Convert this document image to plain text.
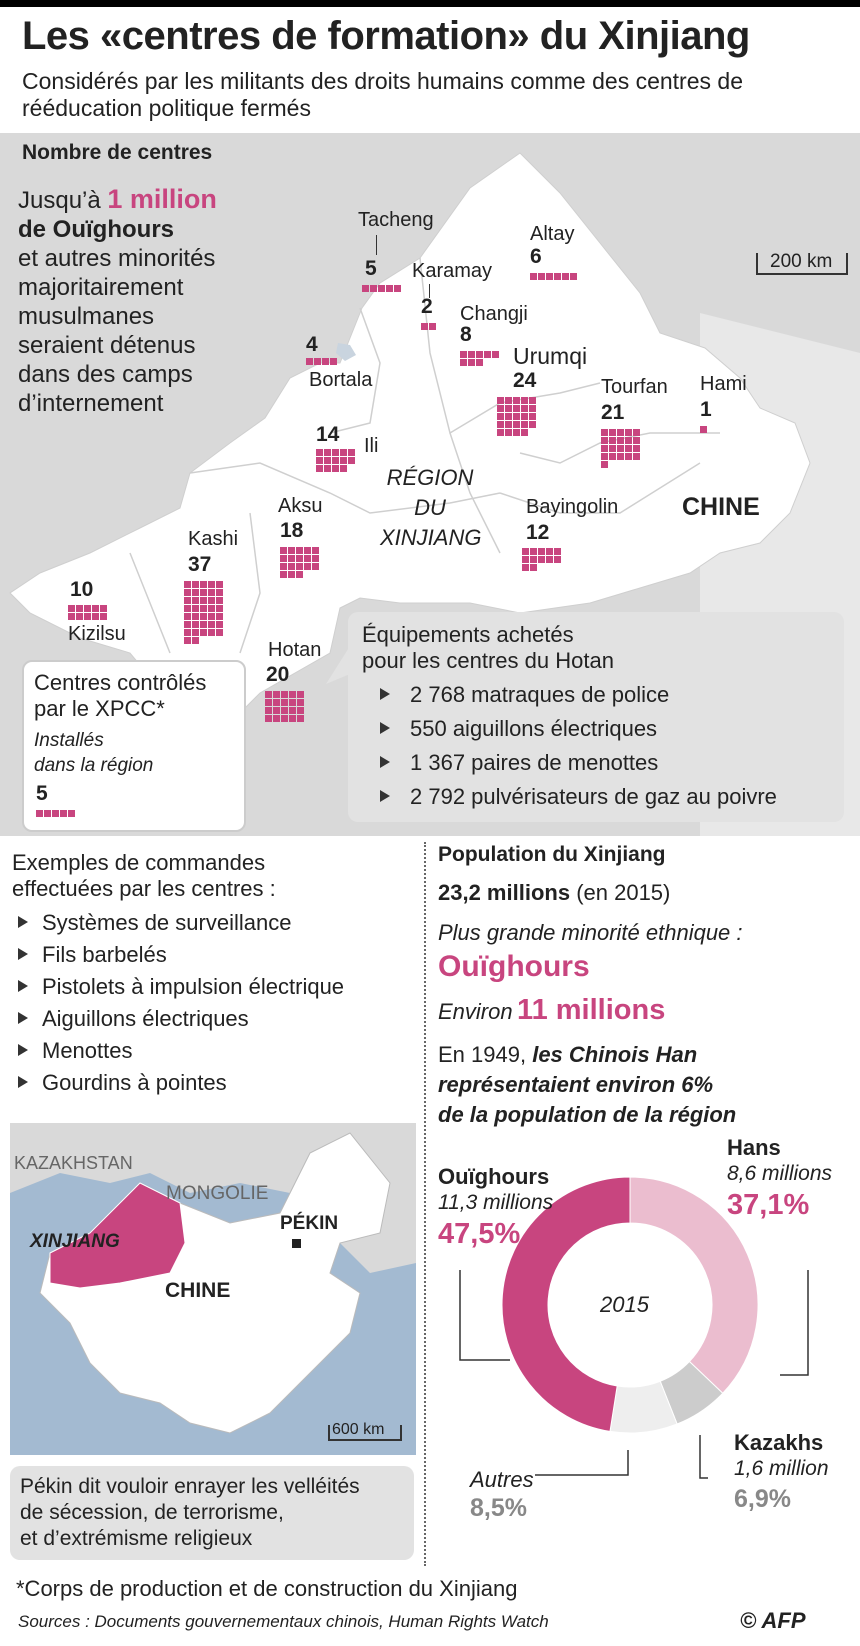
Les «centres de formation» du Xinjiang
Considérés par les militants des droits humains comme des centres de rééducation politique fermés
Nombre de centres
Jusqu’à 1 million
de Ouïghours
et autres minorités
majoritairement
musulmanes
seraient détenus
dans des camps
d’internement
200 km
RÉGION
DU
XINJIANG
CHINE
Tacheng
5 Karamay
2
Altay
6
Changji
8
4
Bortala
Urumqi
24	Tourfan
21
Hami
1
14 Ili
Aksu
18
Kashi
37
Bayingolin
12
10
Kizilsu
Hotan
20
Équipements achetés
pour les centres du Hotan
2 768 matraques de police
550 aiguillons électriques
1 367 paires de menottes
2 792 pulvérisateurs de gaz au poivre
Centres contrôlés
par le XPCC*
Installés
dans la région
5
Exemples de commandes
effectuées par les centres :
Systèmes de surveillance
Fils barbelés
Pistolets à impulsion électrique
Aiguillons électriques
Menottes
Gourdins à pointes
KAZAKHSTAN
MONGOLIE
XINJIANG
CHINE
PÉKIN
600 km
Pékin dit vouloir enrayer les velléités
de sécession, de terrorisme,
et d’extrémisme religieux
Population du Xinjiang
23,2 millions (en 2015)
Plus grande minorité ethnique :
Ouïghours
Environ 11 millions
En 1949, les Chinois Han
représentaient environ 6%
de la population de la région
2015
Ouïghours
11,3 millions
47,5%
Hans
8,6 millions
37,1%
Kazakhs
1,6 million
6,9%
Autres
8,5%
*Corps de production et de construction du Xinjiang
Sources : Documents gouvernementaux chinois, Human Rights Watch	© AFP
